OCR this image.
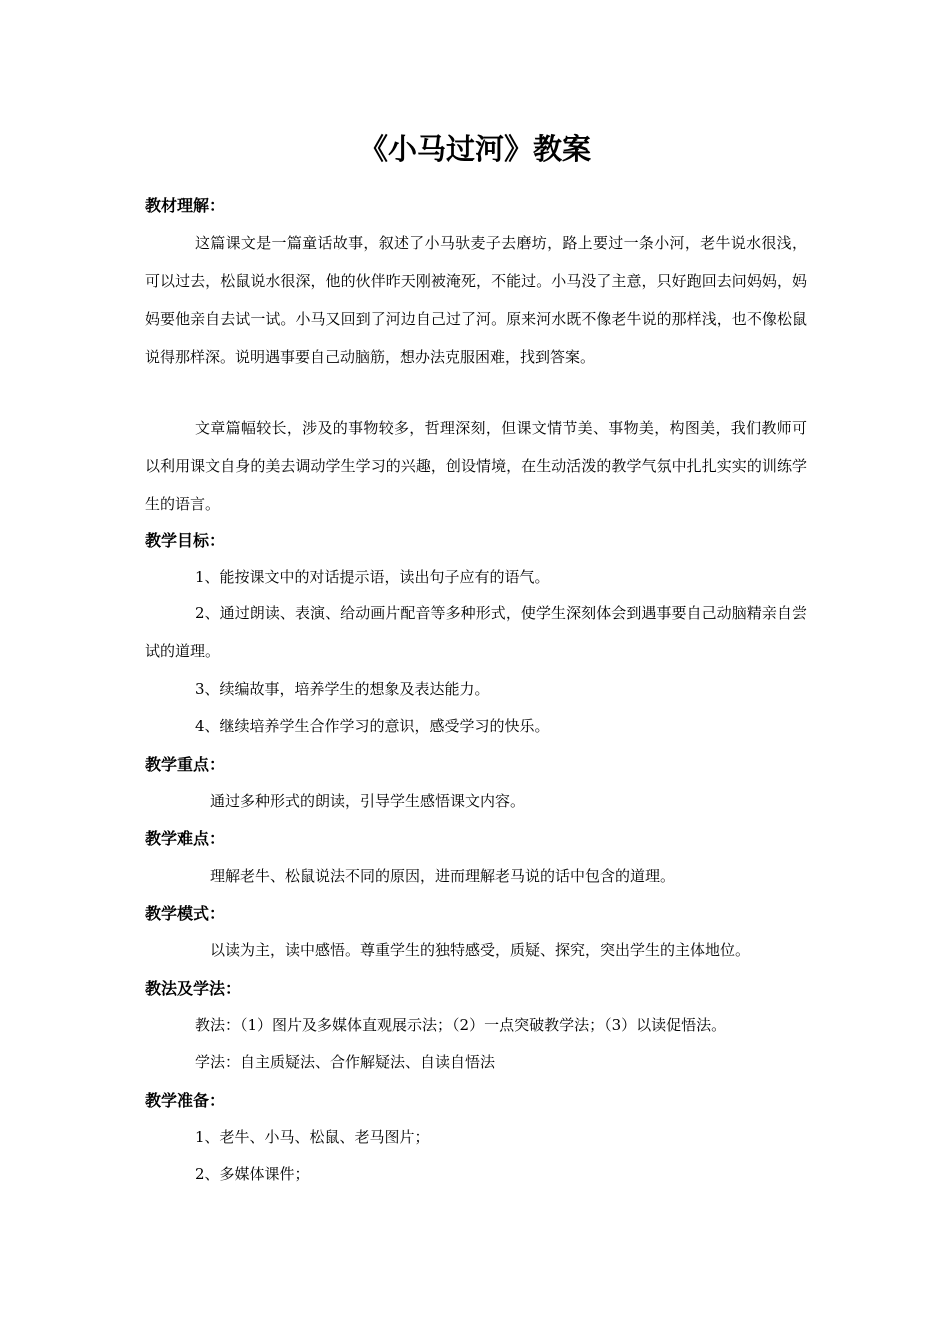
《小马过河》教案
教材理解：

这篇课文是一篇童话故事，叙述了小马驮麦子去磨坊，路上要过一条小河，老牛说水很浅，可以过去，松鼠说水很深，他的伙伴昨天刚被淹死，不能过。小马没了主意，只好跑回去问妈妈，妈妈要他亲自去试一试。小马又回到了河边自己过了河。原来河水既不像老牛说的那样浅，也不像松鼠说得那样深。说明遇事要自己动脑筋，想办法克服困难，找到答案。

文章篇幅较长，涉及的事物较多，哲理深刻，但课文情节美、事物美，构图美，我们教师可以利用课文自身的美去调动学生学习的兴趣，创设情境，在生动活泼的教学气氛中扎扎实实的训练学生的语言。

教学目标：

1、能按课文中的对话提示语，读出句子应有的语气。

2、通过朗读、表演、给动画片配音等多种形式，使学生深刻体会到遇事要自己动脑精亲自尝试的道理。

3、续编故事，培养学生的想象及表达能力。

4、继续培养学生合作学习的意识，感受学习的快乐。

教学重点：

通过多种形式的朗读，引导学生感悟课文内容。

教学难点：

理解老牛、松鼠说法不同的原因，进而理解老马说的话中包含的道理。

教学模式：

以读为主，读中感悟。尊重学生的独特感受，质疑、探究，突出学生的主体地位。

教法及学法：

教法：（1）图片及多媒体直观展示法；（2）一点突破教学法；（3）以读促悟法。

学法：自主质疑法、合作解疑法、自读自悟法

教学准备：

1、老牛、小马、松鼠、老马图片；

2、多媒体课件；
